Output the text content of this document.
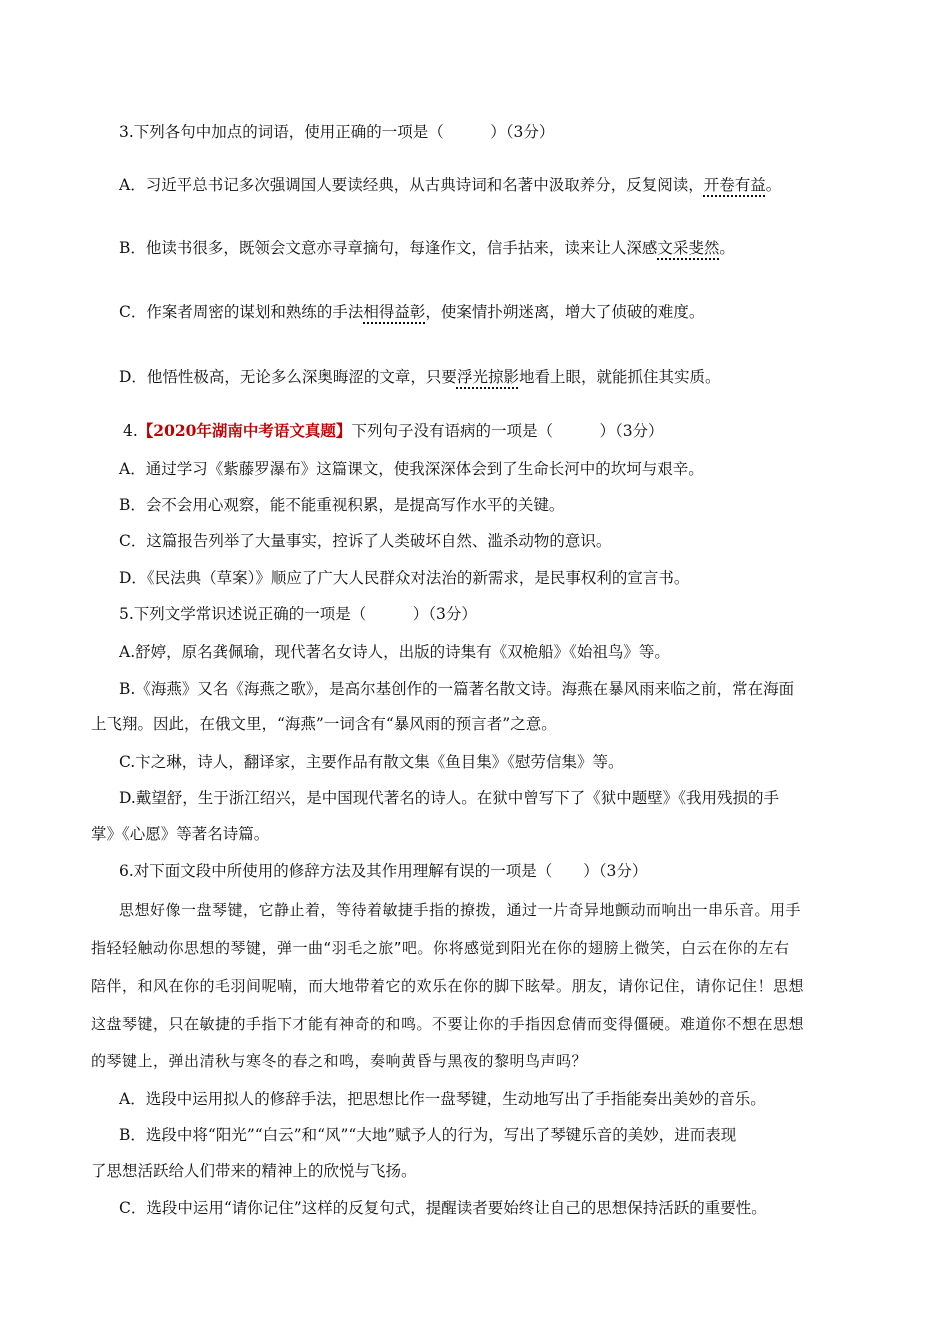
3.下列各句中加点的词语，使用正确的一项是（　　　）（3分）
A．习近平总书记多次强调国人要读经典，从古典诗词和名著中汲取养分，反复阅读，开卷有益。
B．他读书很多，既领会文意亦寻章摘句，每逢作文，信手拈来，读来让人深感文采斐然。
C．作案者周密的谋划和熟练的手法相得益彰，使案情扑朔迷离，增大了侦破的难度。
D．他悟性极高，无论多么深奥晦涩的文章，只要浮光掠影地看上眼，就能抓住其实质。
4.【2020年湖南中考语文真题】下列句子没有语病的一项是（　　　）（3分）
A．通过学习《紫藤罗瀑布》这篇课文，使我深深体会到了生命长河中的坎坷与艰辛。
B．会不会用心观察，能不能重视积累，是提高写作水平的关键。
C．这篇报告列举了大量事实，控诉了人类破坏自然、滥杀动物的意识。
D．《民法典（草案）》顺应了广大人民群众对法治的新需求，是民事权利的宣言书。
5.下列文学常识述说正确的一项是（　　　）（3分）
A.舒婷，原名龚佩瑜，现代著名女诗人，出版的诗集有《双桅船》《始祖鸟》等。
B.《海燕》又名《海燕之歌》，是高尔基创作的一篇著名散文诗。海燕在暴风雨来临之前，常在海面
上飞翔。因此，在俄文里，“海燕”一词含有“暴风雨的预言者”之意。
C.卞之琳，诗人，翻译家，主要作品有散文集《鱼目集》《慰劳信集》等。
D.戴望舒，生于浙江绍兴，是中国现代著名的诗人。在狱中曾写下了《狱中题壁》《我用残损的手
掌》《心愿》等著名诗篇。
6.对下面文段中所使用的修辞方法及其作用理解有误的一项是（　　）（3分）
思想好像一盘琴键，它静止着，等待着敏捷手指的撩拨，通过一片奇异地颤动而响出一串乐音。用手
指轻轻触动你思想的琴键，弹一曲“羽毛之旅”吧。你将感觉到阳光在你的翅膀上微笑，白云在你的左右
陪伴，和风在你的毛羽间呢喃，而大地带着它的欢乐在你的脚下眩晕。朋友，请你记住，请你记住！思想
这盘琴键，只在敏捷的手指下才能有神奇的和鸣。不要让你的手指因怠倩而变得僵硬。难道你不想在思想
的琴键上，弹出清秋与寒冬的春之和鸣，奏响黄昏与黑夜的黎明鸟声吗？
A．选段中运用拟人的修辞手法，把思想比作一盘琴键，生动地写出了手指能奏出美妙的音乐。
B．选段中将“阳光”“白云”和“风”“大地”赋予人的行为，写出了琴键乐音的美妙，进而表现
了思想活跃给人们带来的精神上的欣悦与飞扬。
C．选段中运用“请你记住”这样的反复句式，提醒读者要始终让自己的思想保持活跃的重要性。
